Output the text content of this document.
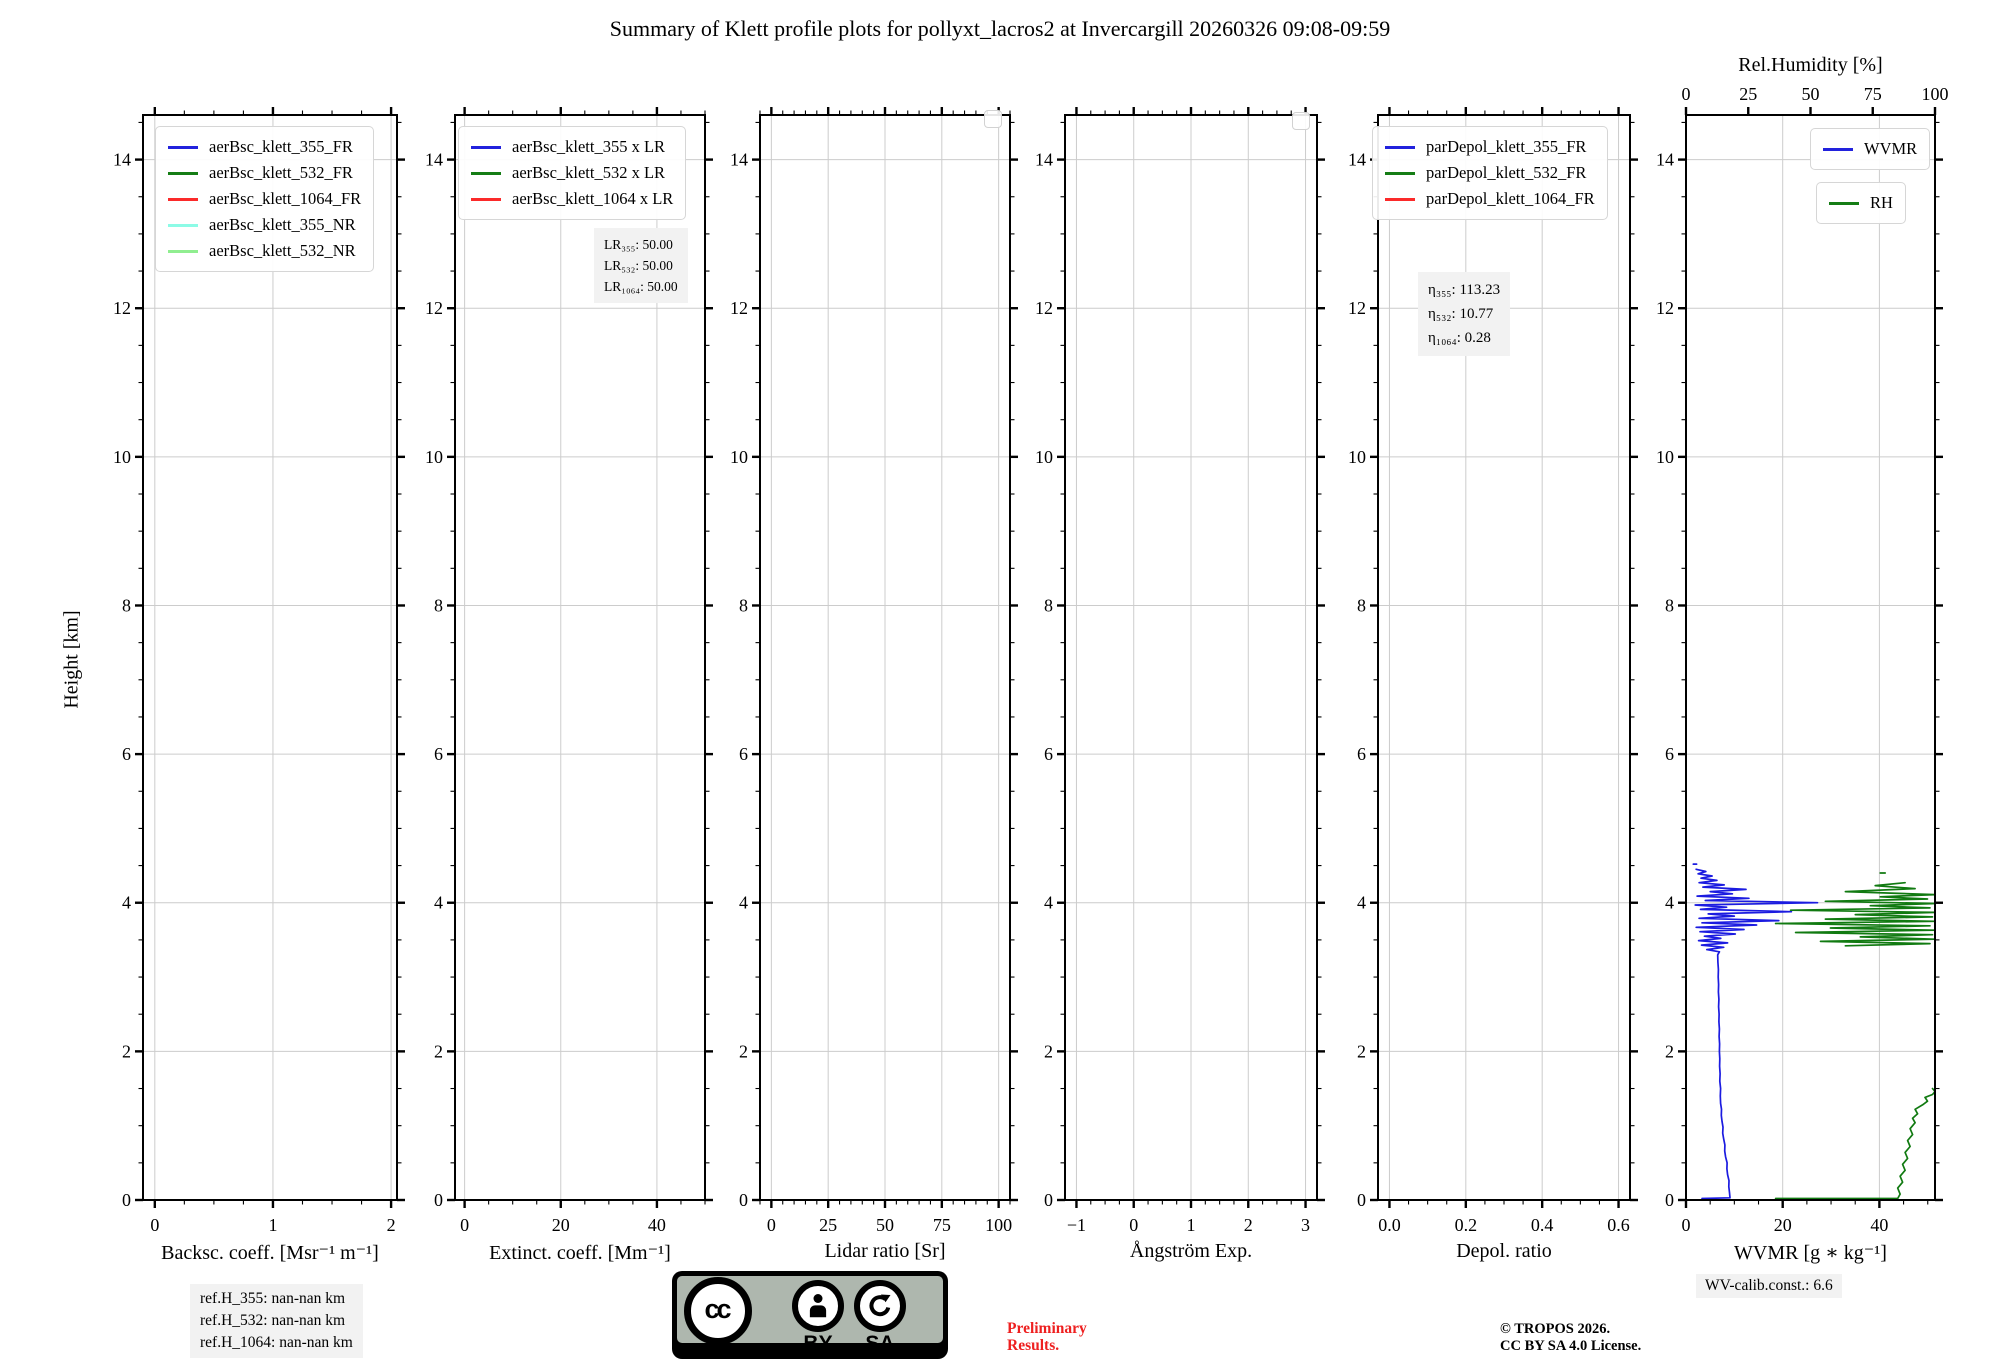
0	1	2
0
2
4
6
8
10
12
14
0	20	40
0
2
4
6
8
10
12
14
0 25 50 75 100
0
2
4
6
8
10
12
14
−1 0	1	2	3
0
2
4
6
8
10
12
14
0.0	0.2	0.4	0.6
0
2
4
6
8
10
12
14
0	20	40
0
2
4
6
8
10
12
14
0	25 50 75 100
Summary of Klett profile plots for pollyxt_lacros2 at Invercargill 20260326 09:08-09:59
Height [km]
Backsc. coeff. [Msr⁻¹ m⁻¹]	Extinct. coeff. [Mm⁻¹]	Lidar ratio [Sr]	Ångström Exp.	Depol. ratio	WVMR [g ∗ kg⁻¹]
Rel.Humidity [%]
aerBsc_klett_355_FR
aerBsc_klett_532_FR
aerBsc_klett_1064_FR
aerBsc_klett_355_NR
aerBsc_klett_532_NR
aerBsc_klett_355 x LR
aerBsc_klett_532 x LR
aerBsc_klett_1064 x LR
LR₃₅₅: 50.00
LR₅₃₂: 50.00
LR₁₀₆₄: 50.00
parDepol_klett_355_FR
parDepol_klett_532_FR
parDepol_klett_1064_FR
η₃₅₅: 113.23
η₅₃₂: 10.77
η₁₀₆₄: 0.28
WVMR
RH
ref.H_355: nan-nan km
ref.H_532: nan-nan km
ref.H_1064: nan-nan km
cc
BY	SA
Preliminary
Results.
WV-calib.const.: 6.6
© TROPOS 2026.
CC BY SA 4.0 License.
